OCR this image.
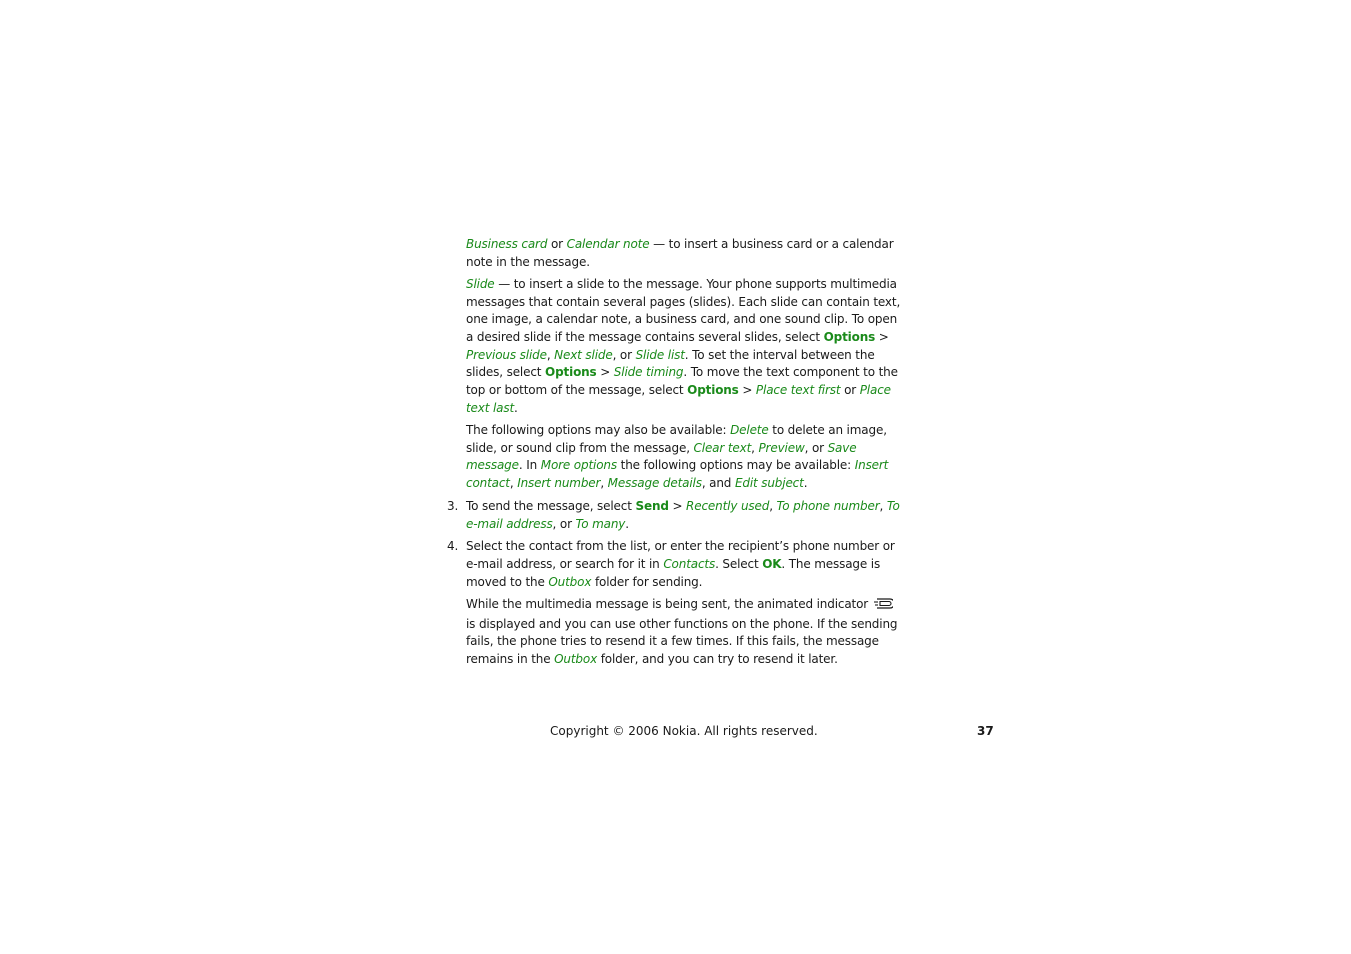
Business card or Calendar note — to insert a business card or a calendar note in the message.

Slide — to insert a slide to the message. Your phone supports multimedia messages that contain several pages (slides). Each slide can contain text, one image, a calendar note, a business card, and one sound clip. To open a desired slide if the message contains several slides, select Options > Previous slide, Next slide, or Slide list. To set the interval between the slides, select Options > Slide timing. To move the text component to the top or bottom of the message, select Options > Place text first or Place text last.

The following options may also be available: Delete to delete an image, slide, or sound clip from the message, Clear text, Preview, or Save message. In More options the following options may be available: Insert contact, Insert number, Message details, and Edit subject.

3. To send the message, select Send > Recently used, To phone number, To e-mail address, or To many.

4. Select the contact from the list, or enter the recipient’s phone number or e-mail address, or search for it in Contacts. Select OK. The message is moved to the Outbox folder for sending.

While the multimedia message is being sent, the animated indicator  is displayed and you can use other functions on the phone. If the sending fails, the phone tries to resend it a few times. If this fails, the message remains in the Outbox folder, and you can try to resend it later.

Copyright © 2006 Nokia. All rights reserved.	37
